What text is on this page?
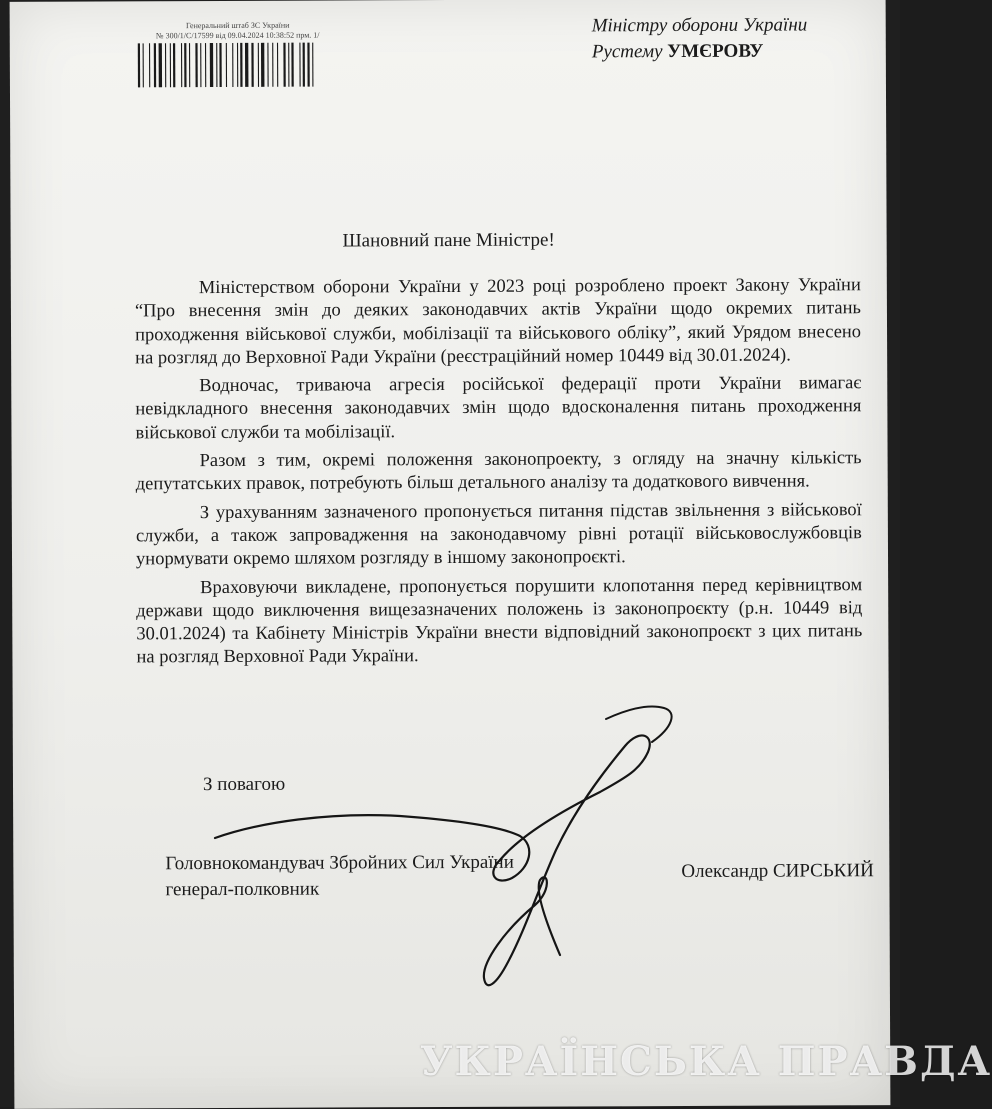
Генеральний штаб ЗС України
№ 300/1/С/17599 від 09.04.2024 10:38:52 прм. 1/	Міністру оборони України
Рустему УМЄРОВУ
Шановний пане Міністре!

Міністерством оборони України у 2023 році розроблено проект Закону України “Про внесення змін до деяких законодавчих актів України щодо окремих питань проходження військової служби, мобілізації та військового обліку”, який Урядом внесено на розгляд до Верховної Ради України (реєстраційний номер 10449 від 30.01.2024).

Водночас, триваюча агресія російської федерації проти України вимагає невідкладного внесення законодавчих змін щодо вдосконалення питань проходження військової служби та мобілізації.

Разом з тим, окремі положення законопроекту, з огляду на значну кількість депутатських правок, потребують більш детального аналізу та додаткового вивчення.

З урахуванням зазначеного пропонується питання підстав звільнення з військової служби, а також запровадження на законодавчому рівні ротації військовослужбовців унормувати окремо шляхом розгляду в іншому законопроєкті.

Враховуючи викладене, пропонується порушити клопотання перед керівництвом держави щодо виключення вищезазначених положень із законопроєкту (р.н. 10449 від 30.01.2024) та Кабінету Міністрів України внести відповідний законопроєкт з цих питань на розгляд Верховної Ради України.

З повагою
Головнокомандувач Збройних Сил України
генерал-полковник
Олександр СИРСЬКИЙ
УКРАЇНСЬКА ПРАВДА
